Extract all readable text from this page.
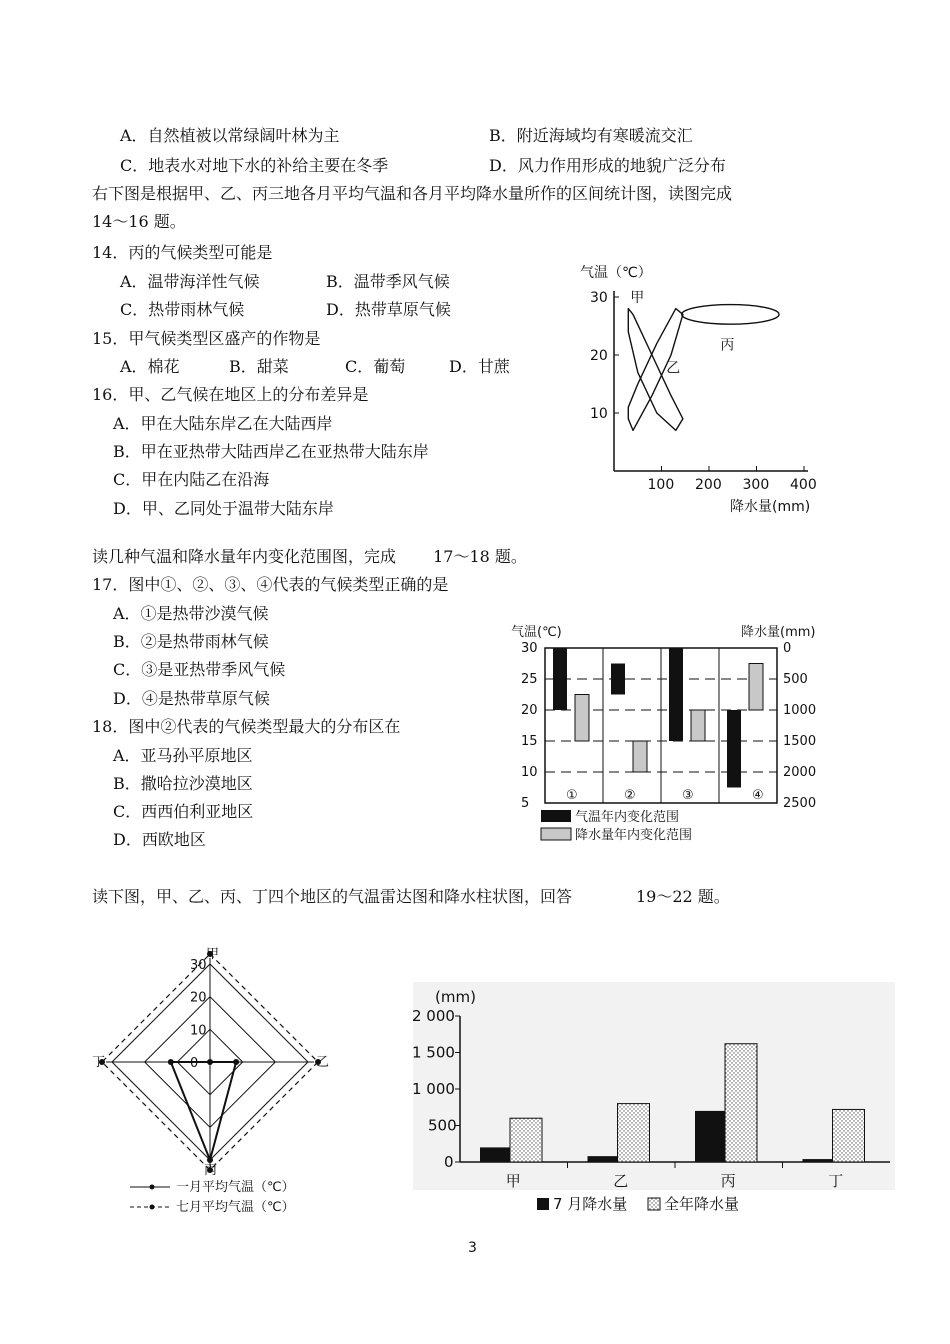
A．自然植被以常绿阔叶林为主	B．附近海域均有寒暖流交汇
C．地表水对地下水的补给主要在冬季	D．风力作用形成的地貌广泛分布
右下图是根据甲、乙、丙三地各月平均气温和各月平均降水量所作的区间统计图，读图完成
14～16 题。
14．丙的气候类型可能是
A．温带海洋性气候	B．温带季风气候
C．热带雨林气候	D．热带草原气候
15．甲气候类型区盛产的作物是
A．棉花	B．甜菜	C．葡萄	D．甘蔗
16．甲、乙气候在地区上的分布差异是
A．甲在大陆东岸乙在大陆西岸
B．甲在亚热带大陆西岸乙在亚热带大陆东岸
C．甲在内陆乙在沿海
D．甲、乙同处于温带大陆东岸
读几种气温和降水量年内变化范围图，完成　　 17～18 题。
17．图中①、②、③、④代表的气候类型正确的是
A．①是热带沙漠气候
B．②是热带雨林气候
C．③是亚热带季风气候
D．④是热带草原气候
18．图中②代表的气候类型最大的分布区在
A．亚马孙平原地区
B．撒哈拉沙漠地区
C．西西伯利亚地区
D．西欧地区
读下图，甲、乙、丙、丁四个地区的气温雷达图和降水柱状图，回答　　　　19～22 题。
3
气温（℃）
降水量(mm)
30
20
10
100 200 300 400
甲
乙
丙
气温(℃)	降水量(mm)
①	②	③	④
30
25
20
15
10
5
0
500
1000
1500
2000
2500
气温年内变化范围
降水量年内变化范围
甲
乙
丙
丁
30
20
10
0
一月平均气温（℃）
七月平均气温（℃）
(mm)
0
500
1 000
1 500
2 000
甲	乙	丙	丁
7 月降水量 全年降水量
